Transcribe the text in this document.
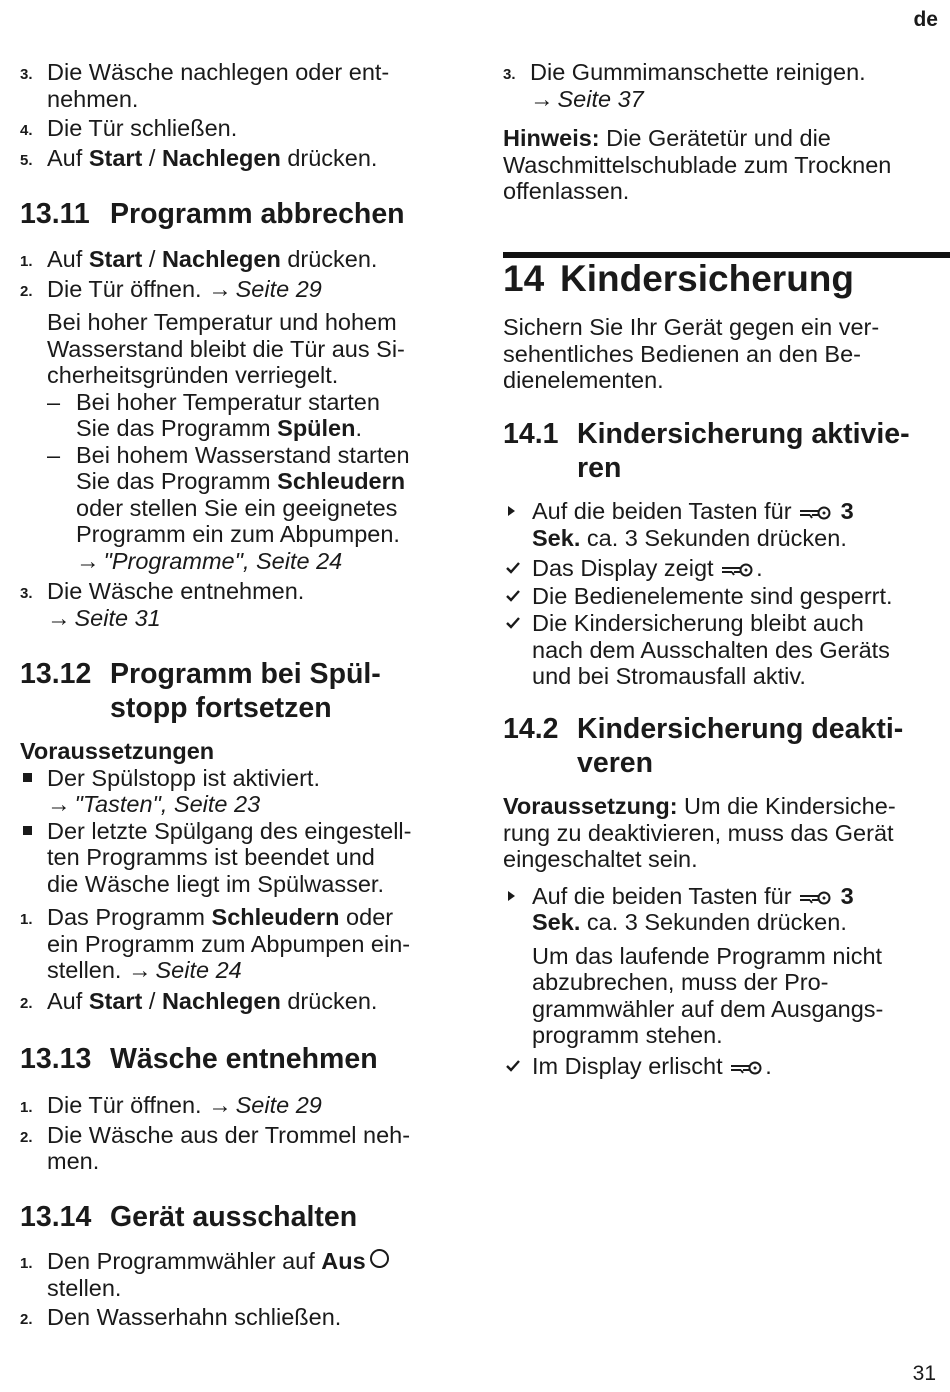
de
3. Die Wäsche nachlegen oder ent-
nehmen.
4. Die Tür schließen.
5. Auf Start / Nachlegen drücken.
13.11 Programm abbrechen
1. Auf Start / Nachlegen drücken.
2. Die Tür öffnen. → Seite 29
Bei hoher Temperatur und hohem
Wasserstand bleibt die Tür aus Si-
cherheitsgründen verriegelt.
– Bei hoher Temperatur starten
Sie das Programm Spülen.
– Bei hohem Wasserstand starten
Sie das Programm Schleudern
oder stellen Sie ein geeignetes
Programm ein zum Abpumpen.
→ "Programme", Seite 24
3. Die Wäsche entnehmen.
→ Seite 31
13.12 Programm bei Spül-
stopp fortsetzen
Voraussetzungen
Der Spülstopp ist aktiviert.
→ "Tasten", Seite 23
Der letzte Spülgang des eingestell-
ten Programms ist beendet und
die Wäsche liegt im Spülwasser.
1. Das Programm Schleudern oder
ein Programm zum Abpumpen ein-
stellen. → Seite 24
2. Auf Start / Nachlegen drücken.
13.13 Wäsche entnehmen
1. Die Tür öffnen. → Seite 29
2. Die Wäsche aus der Trommel neh-
men.
13.14 Gerät ausschalten
1. Den Programmwähler auf Aus
stellen.
2. Den Wasserhahn schließen.
3. Die Gummimanschette reinigen.
→ Seite 37
Hinweis: Die Gerätetür und die
Waschmittelschublade zum Trocknen
offenlassen.
14 Kindersicherung
Sichern Sie Ihr Gerät gegen ein ver-
sehentliches Bedienen an den Be-
dienelementen.
14.1 Kindersicherung aktivie-
ren
Auf die beiden Tasten für  3
Sek. ca. 3 Sekunden drücken.
Das Display zeigt .
Die Bedienelemente sind gesperrt.
Die Kindersicherung bleibt auch
nach dem Ausschalten des Geräts
und bei Stromausfall aktiv.
14.2 Kindersicherung deakti-
veren
Voraussetzung: Um die Kindersiche-
rung zu deaktivieren, muss das Gerät
eingeschaltet sein.
Auf die beiden Tasten für  3
Sek. ca. 3 Sekunden drücken.
Um das laufende Programm nicht
abzubrechen, muss der Pro-
grammwähler auf dem Ausgangs-
programm stehen.
Im Display erlischt .
31
